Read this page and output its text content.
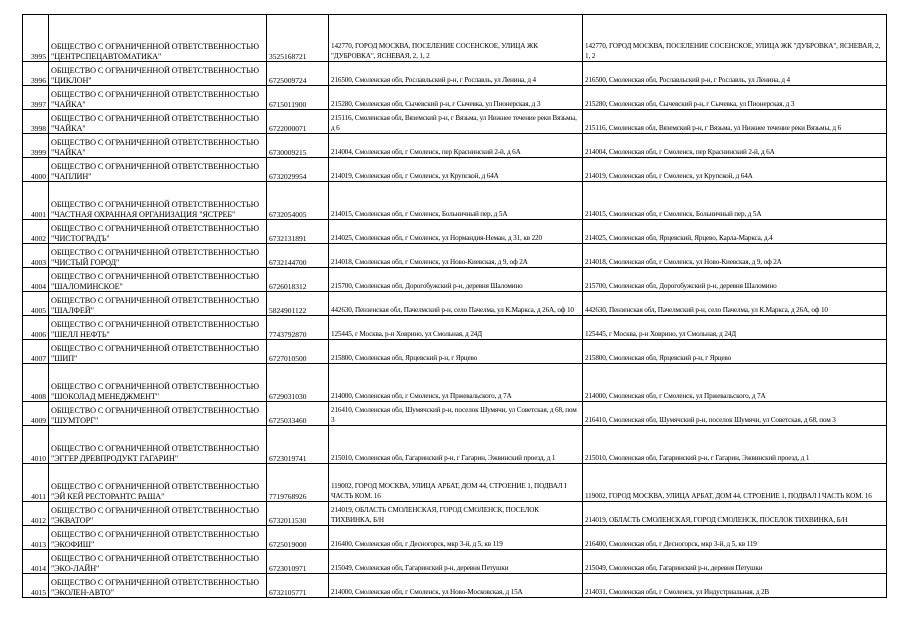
3995	ОБЩЕСТВО С ОГРАНИЧЕННОЙ ОТВЕТСТВЕННОСТЬЮ "ЦЕНТРСПЕЦАВТОМАТИКА"	3525168721	142770, ГОРОД МОСКВА, ПОСЕЛЕНИЕ СОСЕНСКОЕ, УЛИЦА ЖК "ДУБРОВКА", ЯСНЕВАЯ, 2, 1, 2	142770, ГОРОД МОСКВА, ПОСЕЛЕНИЕ СОСЕНСКОЕ, УЛИЦА ЖК "ДУБРОВКА", ЯСНЕВАЯ, 2, 1, 2
3996	ОБЩЕСТВО С ОГРАНИЧЕННОЙ ОТВЕТСТВЕННОСТЬЮ "ЦИКЛОН"	6725009724	216500, Смоленская обл, Рославльский р-н, г Рославль, ул Ленина, д 4	216500, Смоленская обл, Рославльский р-н, г Рославль, ул Ленина, д 4
3997	ОБЩЕСТВО С ОГРАНИЧЕННОЙ ОТВЕТСТВЕННОСТЬЮ "ЧАЙКА"	6715011900	215280, Смоленская обл, Сычевский р-н, г Сычевка, ул Пионерская, д 3	215280, Смоленская обл, Сычевский р-н, г Сычевка, ул Пионерская, д 3
3998	ОБЩЕСТВО С ОГРАНИЧЕННОЙ ОТВЕТСТВЕННОСТЬЮ "ЧАЙКА"	6722000071	215116, Смоленская обл, Вяземский р-н, г Вязьма, ул Нижнее течение реки Вязьмы, д 6	215116, Смоленская обл, Вяземский р-н, г Вязьма, ул Нижнее течение реки Вязьмы, д 6
3999	ОБЩЕСТВО С ОГРАНИЧЕННОЙ ОТВЕТСТВЕННОСТЬЮ "ЧАЙКА"	6730009215	214004, Смоленская обл, г Смоленск, пер Краснинский 2-й, д 6А	214004, Смоленская обл, г Смоленск, пер Краснинский 2-й, д 6А
4000	ОБЩЕСТВО С ОГРАНИЧЕННОЙ ОТВЕТСТВЕННОСТЬЮ "ЧАПЛИН"	6732029954	214019, Смоленская обл, г Смоленск, ул Крупской, д 64А	214019, Смоленская обл, г Смоленск, ул Крупской, д 64А
4001	ОБЩЕСТВО С ОГРАНИЧЕННОЙ ОТВЕТСТВЕННОСТЬЮ "ЧАСТНАЯ ОХРАННАЯ ОРГАНИЗАЦИЯ "ЯСТРЕБ"	6732054005	214015, Смоленская обл, г Смоленск, Больничный пер, д 5А	214015, Смоленская обл, г Смоленск, Больничный пер, д 5А
4002	ОБЩЕСТВО С ОГРАНИЧЕННОЙ ОТВЕТСТВЕННОСТЬЮ "ЧИСТОГРАДЪ"	6732131891	214025, Смоленская обл, г Смоленск, ул Нормандия-Неман, д 31, кв 220	214025, Смоленская обл, Ярцевский, Ярцево, Карла-Маркса, д.4
4003	ОБЩЕСТВО С ОГРАНИЧЕННОЙ ОТВЕТСТВЕННОСТЬЮ "ЧИСТЫЙ ГОРОД"	6732144700	214018, Смоленская обл, г Смоленск, ул Ново-Киевская, д 9, оф 2А	214018, Смоленская обл, г Смоленск, ул Ново-Киевская, д 9, оф 2А
4004	ОБЩЕСТВО С ОГРАНИЧЕННОЙ ОТВЕТСТВЕННОСТЬЮ "ШАЛОМИНСКОЕ"	6726018312	215700, Смоленская обл, Дорогобужский р-н, деревня Шаломино	215700, Смоленская обл, Дорогобужский р-н, деревня Шаломино
4005	ОБЩЕСТВО С ОГРАНИЧЕННОЙ ОТВЕТСТВЕННОСТЬЮ "ШАЛФЕЙ"	5824901122	442630, Пензенская обл, Пачелмский р-н, село Пачелма, ул К.Маркса, д 26А, оф 10	442630, Пензенская обл, Пачелмский р-н, село Пачелма, ул К.Маркса, д 26А, оф 10
4006	ОБЩЕСТВО С ОГРАНИЧЕННОЙ ОТВЕТСТВЕННОСТЬЮ "ШЕЛЛ НЕФТЬ"	7743792870	125445, г Москва, р-н Ховрино, ул Смольная, д 24Д	125445, г Москва, р-н Ховрино, ул Смольная, д 24Д
4007	ОБЩЕСТВО С ОГРАНИЧЕННОЙ ОТВЕТСТВЕННОСТЬЮ "ШИП"	6727010500	215800, Смоленская обл, Ярцевский р-н, г Ярцево	215800, Смоленская обл, Ярцевский р-н, г Ярцево
4008	ОБЩЕСТВО С ОГРАНИЧЕННОЙ ОТВЕТСТВЕННОСТЬЮ "ШОКОЛАД МЕНЕДЖМЕНТ"	6729031030	214000, Смоленская обл, г Смоленск, ул Пржевальского, д 7А	214000, Смоленская обл, г Смоленск, ул Пржевальского, д 7А
4009	ОБЩЕСТВО С ОГРАНИЧЕННОЙ ОТВЕТСТВЕННОСТЬЮ "ШУМТОРГ"	6725033460	216410, Смоленская обл, Шумячский р-н, поселок Шумячи, ул Советская, д 68, пом 3	216410, Смоленская обл, Шумячский р-н, поселок Шумячи, ул Советская, д 68, пом 3
4010	ОБЩЕСТВО С ОГРАНИЧЕННОЙ ОТВЕТСТВЕННОСТЬЮ "ЭГГЕР ДРЕВПРОДУКТ ГАГАРИН"	6723019741	215010, Смоленская обл, Гагаринский р-н, г Гагарин, Эжвинский проезд, д 1	215010, Смоленская обл, Гагаринский р-н, г Гагарин, Эжвинский проезд, д 1
4011	ОБЩЕСТВО С ОГРАНИЧЕННОЙ ОТВЕТСТВЕННОСТЬЮ "ЭЙ КЕЙ РЕСТОРАНТС РАША"	7719768926	119002, ГОРОД МОСКВА, УЛИЦА АРБАТ, ДОМ 44, СТРОЕНИЕ 1, ПОДВАЛ I ЧАСТЬ КОМ. 16	119002, ГОРОД МОСКВА, УЛИЦА АРБАТ, ДОМ 44, СТРОЕНИЕ 1, ПОДВАЛ I ЧАСТЬ КОМ. 16
4012	ОБЩЕСТВО С ОГРАНИЧЕННОЙ ОТВЕТСТВЕННОСТЬЮ "ЭКВАТОР"	6732011530	214019, ОБЛАСТЬ СМОЛЕНСКАЯ, ГОРОД СМОЛЕНСК, ПОСЕЛОК ТИХВИНКА, Б/Н	214019, ОБЛАСТЬ СМОЛЕНСКАЯ, ГОРОД СМОЛЕНСК, ПОСЕЛОК ТИХВИНКА, Б/Н
4013	ОБЩЕСТВО С ОГРАНИЧЕННОЙ ОТВЕТСТВЕННОСТЬЮ "ЭКОФИШ"	6725019000	216400, Смоленская обл, г Десногорск, мкр 3-й, д 5, кв 119	216400, Смоленская обл, г Десногорск, мкр 3-й, д 5, кв 119
4014	ОБЩЕСТВО С ОГРАНИЧЕННОЙ ОТВЕТСТВЕННОСТЬЮ "ЭКО-ЛАЙН"	6723010971	215049, Смоленская обл, Гагаринский р-н, деревня Петушки	215049, Смоленская обл, Гагаринский р-н, деревня Петушки
4015	ОБЩЕСТВО С ОГРАНИЧЕННОЙ ОТВЕТСТВЕННОСТЬЮ "ЭКОЛЕН-АВТО"	6732105771	214000, Смоленская обл, г Смоленск, ул Ново-Московская, д 15А	214031, Смоленская обл, г Смоленск, ул Индустриальная, д 2В
